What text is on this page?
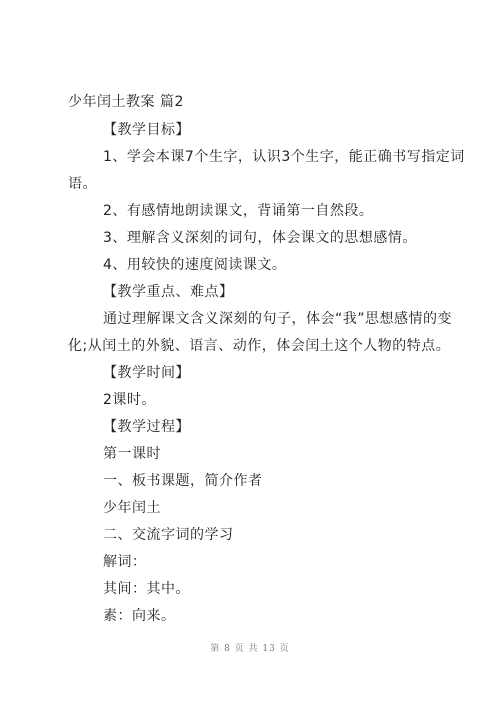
少年闰土教案 篇2
【教学目标】
1、学会本课7个生字，认识3个生字，能正确书写指定词
语。
2、有感情地朗读课文，背诵第一自然段。
3、理解含义深刻的词句，体会课文的思想感情。
4、用较快的速度阅读课文。
【教学重点、难点】
通过理解课文含义深刻的句子，体会“我”思想感情的变
化;从闰土的外貌、语言、动作，体会闰土这个人物的特点。
【教学时间】
2课时。
【教学过程】
第一课时
一、板书课题，简介作者
少年闰土
二、交流字词的学习
解词：
其间：其中。
素：向来。
第 8 页 共 13 页
